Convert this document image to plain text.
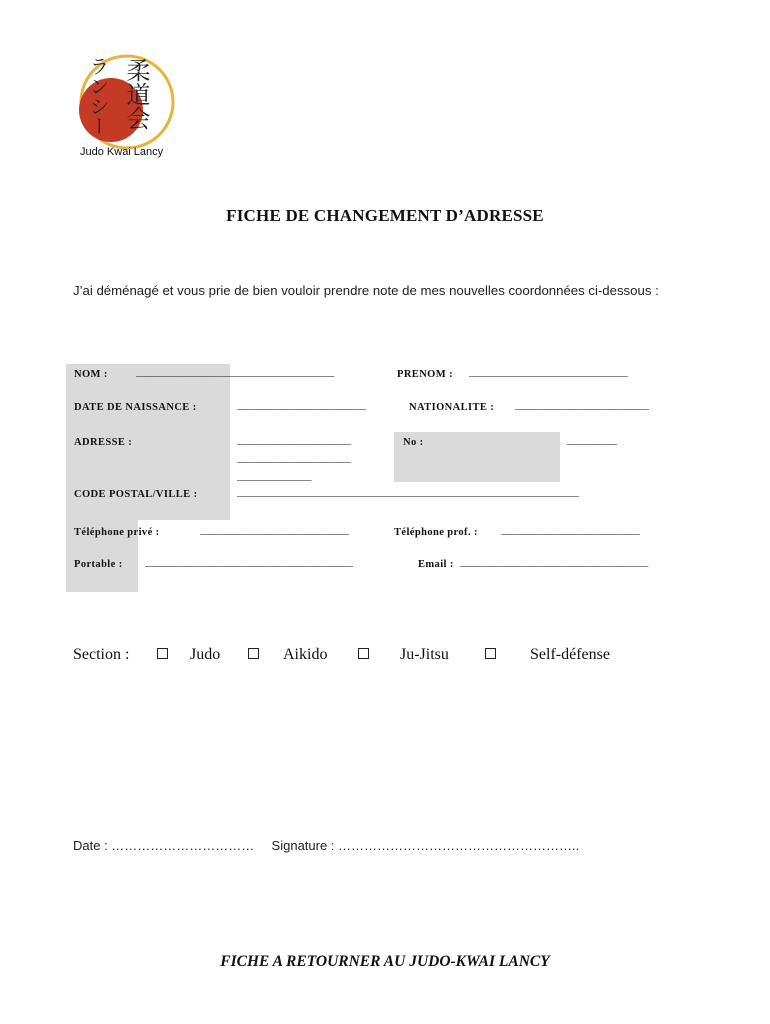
ランシー 柔道会
Judo Kwai Lancy
FICHE DE CHANGEMENT D’ADRESSE
J’ai déménagé et vous prie de bien vouloir prendre note de mes nouvelles coordonnées ci-dessous :
NOM :	________________________________________	PRENOM : ________________________________
DATE DE NAISSANCE :	__________________________	NATIONALITE : ___________________________
ADRESSE :	_______________________
_______________________
_______________
No :	__________
CODE POSTAL/VILLE :	_____________________________________________________________________
Téléphone privé :	______________________________	Téléphone prof. : ____________________________
Portable : __________________________________________	Email : ______________________________________
Section :	Judo	Aikido	Ju-Jitsu	Self-défense
Date : …………………………… Signature : ………………………………………………..
FICHE A RETOURNER AU JUDO-KWAI LANCY
